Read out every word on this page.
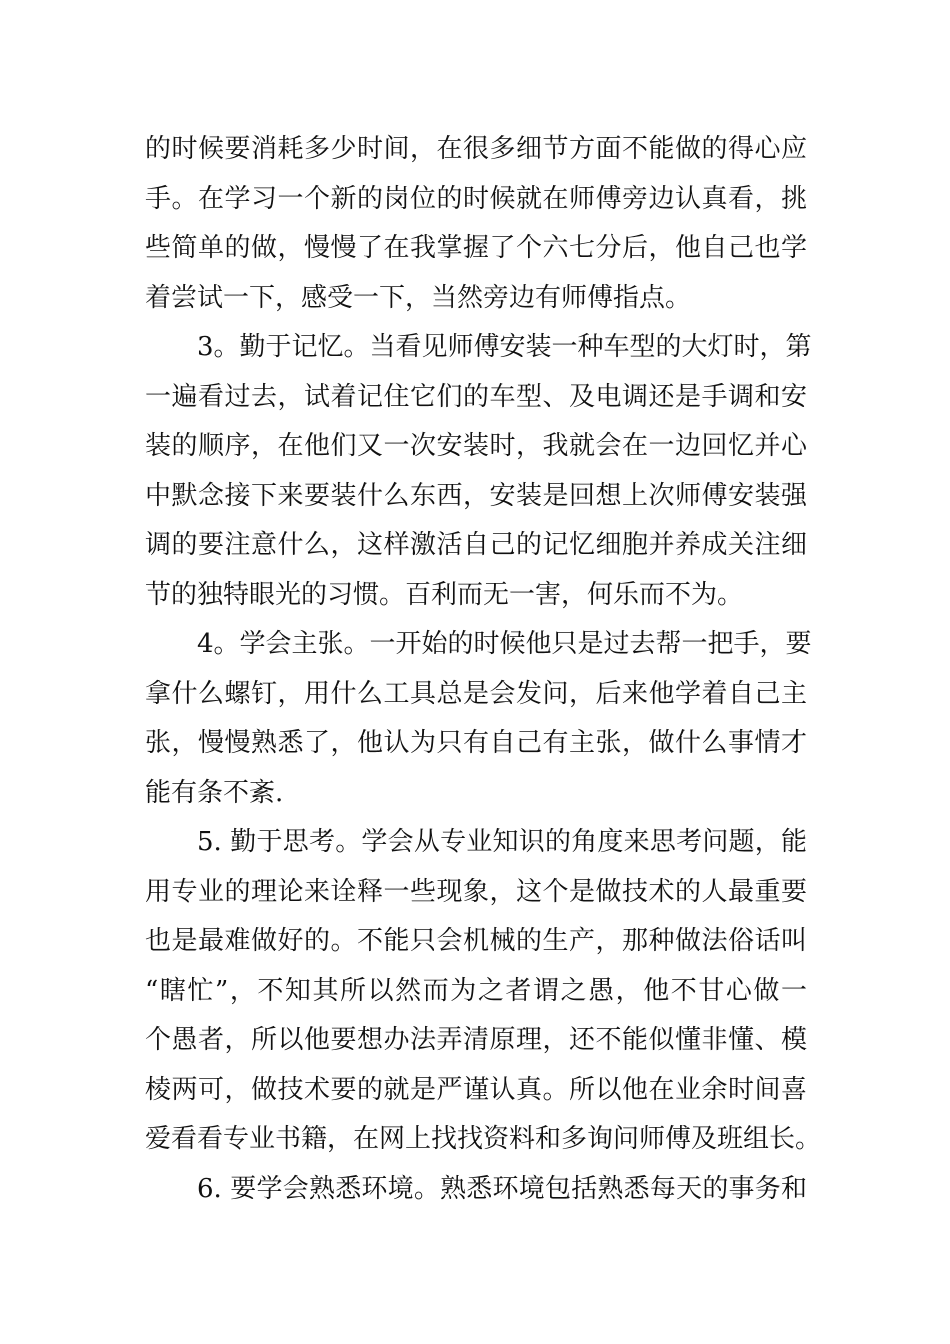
的时候要消耗多少时间，在很多细节方面不能做的得心应
手。在学习一个新的岗位的时候就在师傅旁边认真看，挑
些简单的做，慢慢了在我掌握了个六七分后，他自己也学
着尝试一下，感受一下，当然旁边有师傅指点。
3。勤于记忆。当看见师傅安装一种车型的大灯时，第
一遍看过去，试着记住它们的车型、及电调还是手调和安
装的顺序，在他们又一次安装时，我就会在一边回忆并心
中默念接下来要装什么东西，安装是回想上次师傅安装强
调的要注意什么，这样激活自己的记忆细胞并养成关注细
节的独特眼光的习惯。百利而无一害，何乐而不为。
4。学会主张。一开始的时候他只是过去帮一把手，要
拿什么螺钉，用什么工具总是会发问，后来他学着自己主
张，慢慢熟悉了，他认为只有自己有主张，做什么事情才
能有条不紊.
5. 勤于思考。学会从专业知识的角度来思考问题，能
用专业的理论来诠释一些现象，这个是做技术的人最重要
也是最难做好的。不能只会机械的生产，那种做法俗话叫
“瞎忙”，不知其所以然而为之者谓之愚，他不甘心做一
个愚者，所以他要想办法弄清原理，还不能似懂非懂、模
棱两可，做技术要的就是严谨认真。所以他在业余时间喜
爱看看专业书籍，在网上找找资料和多询问师傅及班组长。
6. 要学会熟悉环境。熟悉环境包括熟悉每天的事务和
